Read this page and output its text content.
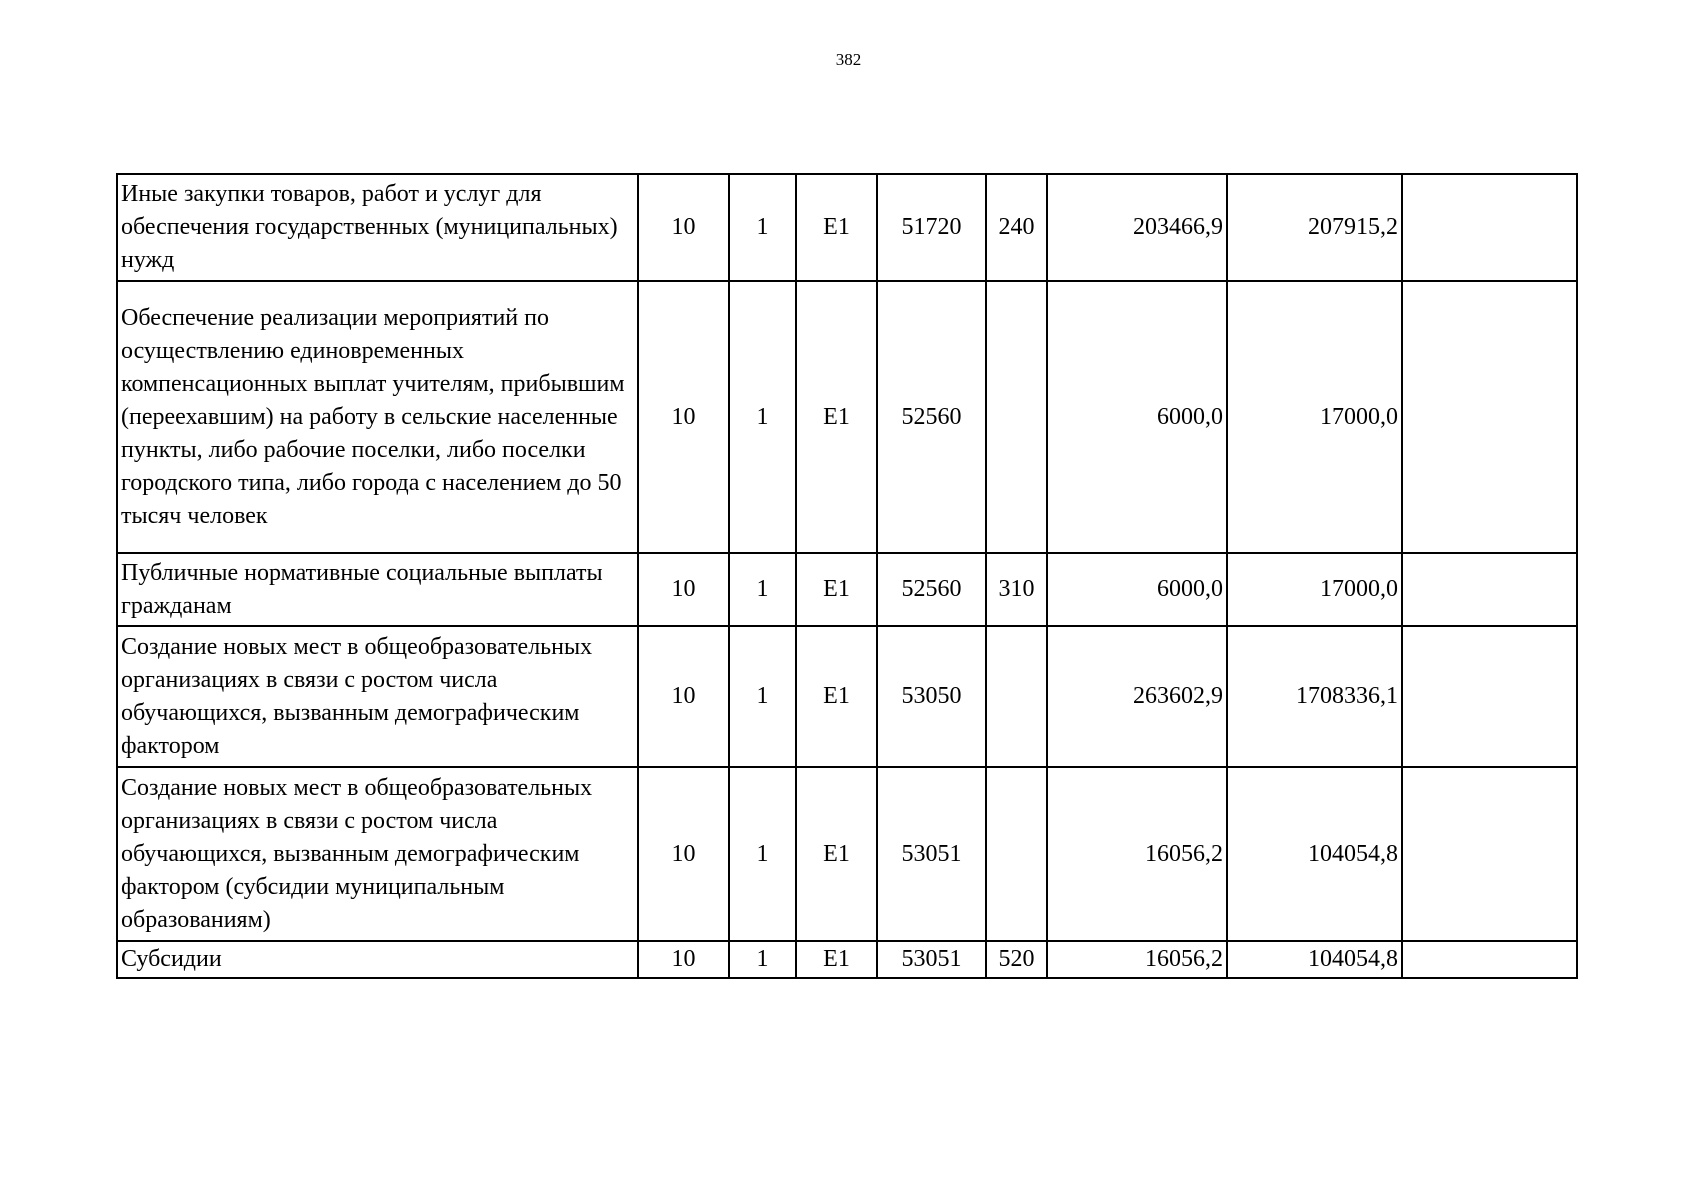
382
Иные закупки товаров, работ и услуг для обеспечения государственных (муниципальных) нужд	10	1	E1	51720	240	203466,9	207915,2	
Обеспечение реализации мероприятий по осуществлению единовременных компенсационных выплат учителям, прибывшим (переехавшим) на работу в сельские населенные пункты, либо рабочие поселки, либо поселки городского типа, либо города с населением до 50 тысяч человек	10	1	E1	52560		6000,0	17000,0	
Публичные нормативные социальные выплаты гражданам	10	1	E1	52560	310	6000,0	17000,0	
Создание новых мест в общеобразовательных организациях в связи с ростом числа обучающихся, вызванным демографическим фактором	10	1	E1	53050		263602,9	1708336,1	
Создание новых мест в общеобразовательных организациях в связи с ростом числа обучающихся, вызванным демографическим фактором (субсидии муниципальным образованиям)	10	1	E1	53051		16056,2	104054,8	
Субсидии	10	1	E1	53051	520	16056,2	104054,8	
